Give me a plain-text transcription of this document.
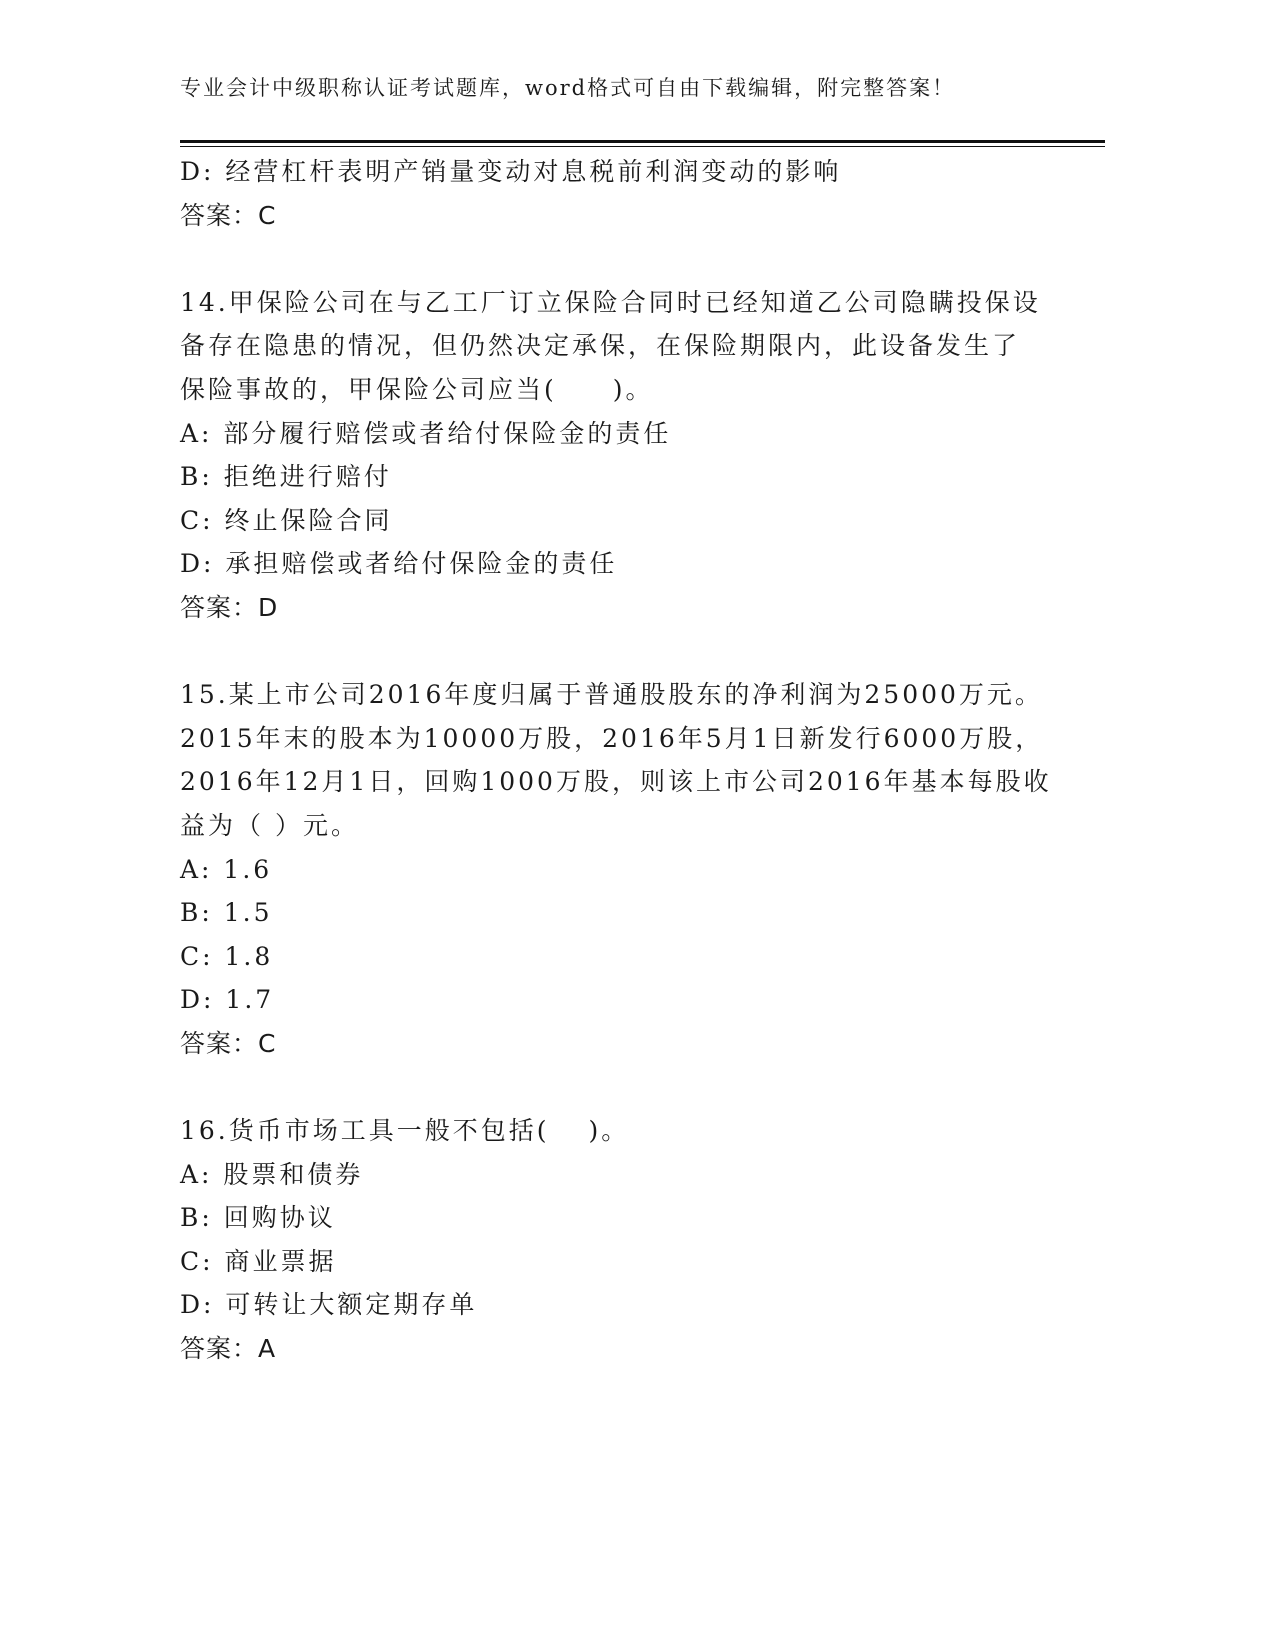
专业会计中级职称认证考试题库，word格式可自由下载编辑，附完整答案！
D: 经营杠杆表明产销量变动对息税前利润变动的影响
答案：C
14.甲保险公司在与乙工厂订立保险合同时已经知道乙公司隐瞒投保设
备存在隐患的情况，但仍然决定承保，在保险期限内，此设备发生了
保险事故的，甲保险公司应当(　　)。
A: 部分履行赔偿或者给付保险金的责任
B: 拒绝进行赔付
C: 终止保险合同
D: 承担赔偿或者给付保险金的责任
答案：D
15.某上市公司2016年度归属于普通股股东的净利润为25000万元。
2015年末的股本为10000万股，2016年5月1日新发行6000万股，
2016年12月1日，回购1000万股，则该上市公司2016年基本每股收
益为（ ）元。
A: 1.6
B: 1.5
C: 1.8
D: 1.7
答案：C
16.货币市场工具一般不包括(　 )。
A: 股票和债券
B: 回购协议
C: 商业票据
D: 可转让大额定期存单
答案：A
